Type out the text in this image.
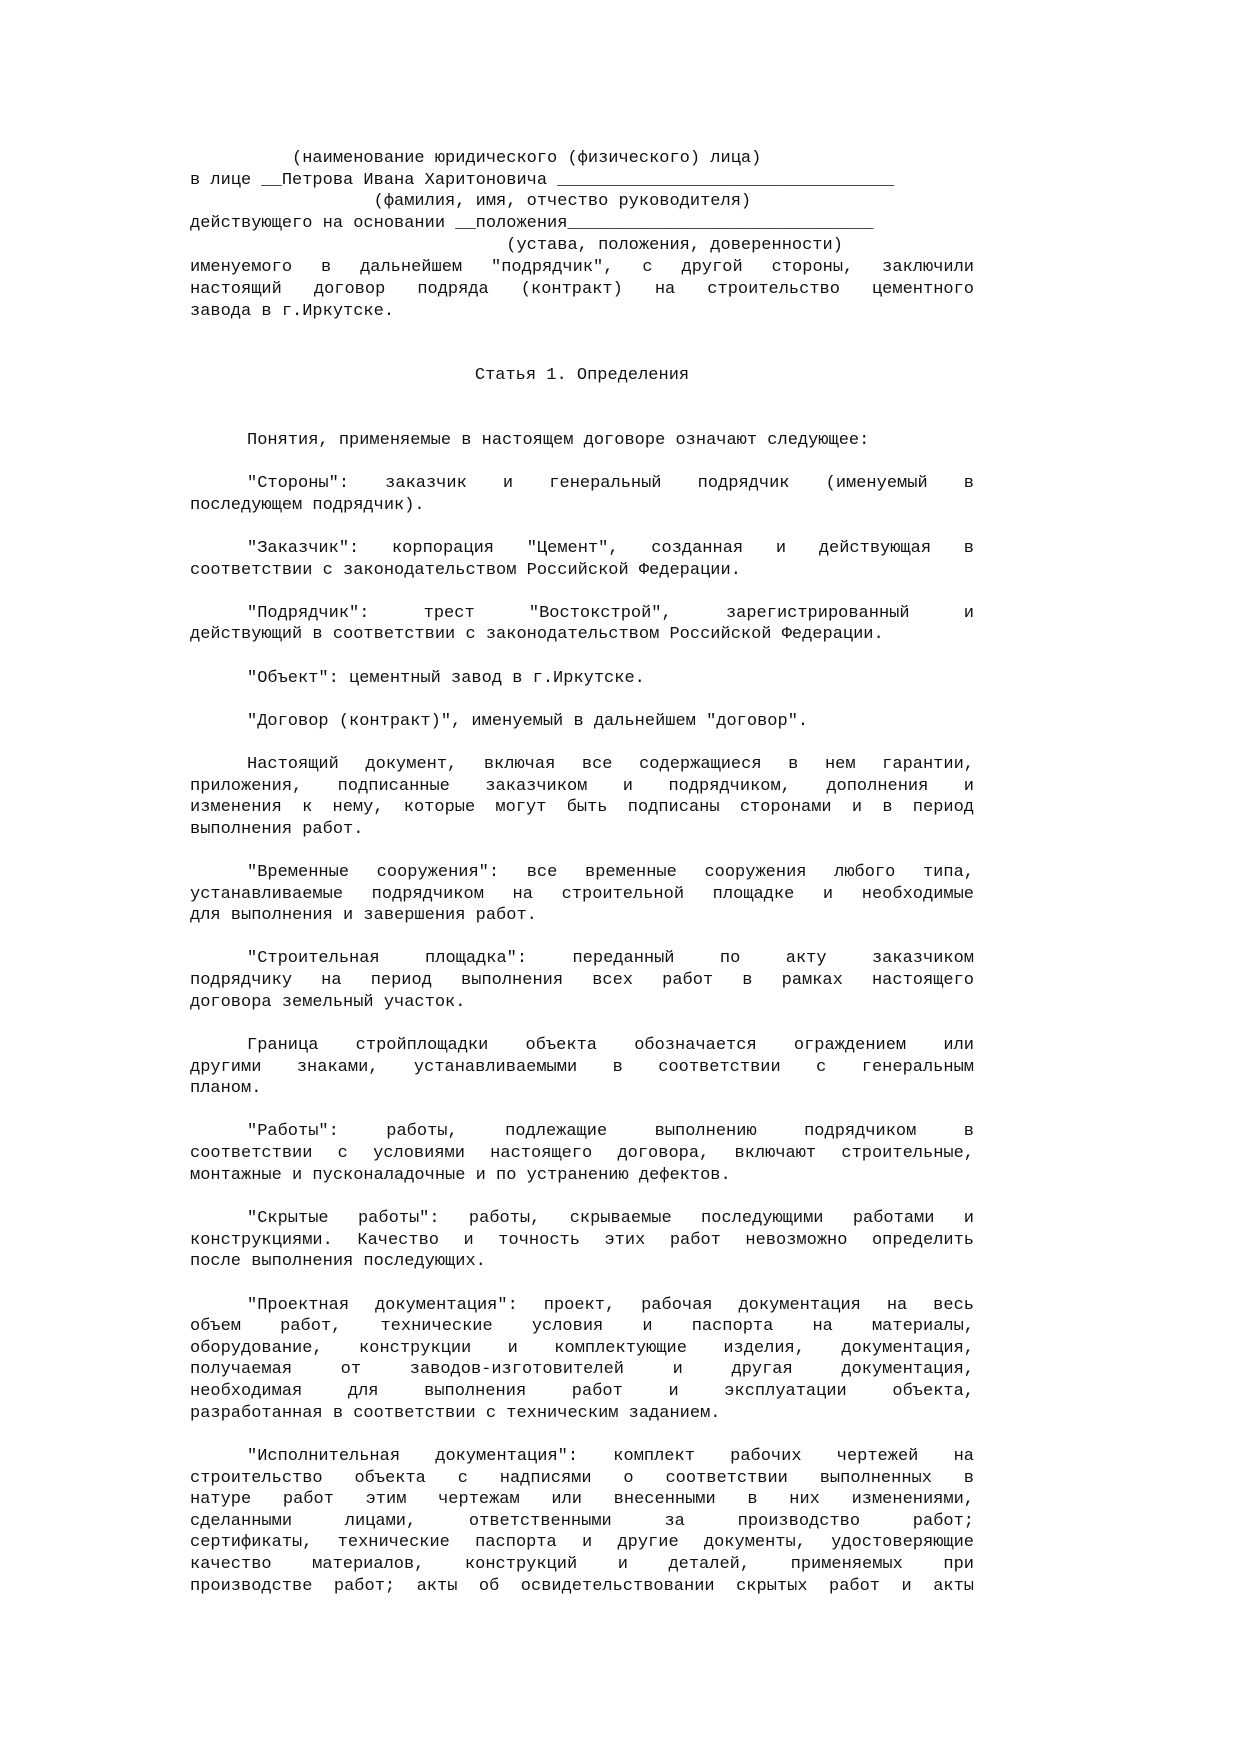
(наименование юридического (физического) лица)
в лице __Петрова Ивана Харитоновича _________________________________
(фамилия, имя, отчество руководителя)
действующего на основании __положения______________________________
(устава, положения, доверенности)
именуемого в дальнейшем "подрядчик", с другой стороны, заключили
настоящий договор подряда (контракт) на строительство цементного
завода в г.Иркутске.
Статья 1. Определения
Понятия, применяемые в настоящем договоре означают следующее:
"Стороны": заказчик и генеральный подрядчик (именуемый в
последующем подрядчик).
"Заказчик": корпорация "Цемент", созданная и действующая в
соответствии с законодательством Российской Федерации.
"Подрядчик": трест "Востокстрой", зарегистрированный и
действующий в соответствии с законодательством Российской Федерации.
"Объект": цементный завод в г.Иркутске.
"Договор (контракт)", именуемый в дальнейшем "договор".
Настоящий документ, включая все содержащиеся в нем гарантии,
приложения, подписанные заказчиком и подрядчиком, дополнения и
изменения к нему, которые могут быть подписаны сторонами и в период
выполнения работ.
"Временные сооружения": все временные сооружения любого типа,
устанавливаемые подрядчиком на строительной площадке и необходимые
для выполнения и завершения работ.
"Строительная площадка": переданный по акту заказчиком
подрядчику на период выполнения всех работ в рамках настоящего
договора земельный участок.
Граница стройплощадки объекта обозначается ограждением или
другими знаками, устанавливаемыми в соответствии с генеральным
планом.
"Работы": работы, подлежащие выполнению подрядчиком в
соответствии с условиями настоящего договора, включают строительные,
монтажные и пусконаладочные и по устранению дефектов.
"Скрытые работы": работы, скрываемые последующими работами и
конструкциями. Качество и точность этих работ невозможно определить
после выполнения последующих.
"Проектная документация": проект, рабочая документация на весь
объем работ, технические условия и паспорта на материалы,
оборудование, конструкции и комплектующие изделия, документация,
получаемая от заводов-изготовителей и другая документация,
необходимая для выполнения работ и эксплуатации объекта,
разработанная в соответствии с техническим заданием.
"Исполнительная документация": комплект рабочих чертежей на
строительство объекта с надписями о соответствии выполненных в
натуре работ этим чертежам или внесенными в них изменениями,
сделанными лицами, ответственными за производство работ;
сертификаты, технические паспорта и другие документы, удостоверяющие
качество материалов, конструкций и деталей, применяемых при
производстве работ; акты об освидетельствовании скрытых работ и акты
